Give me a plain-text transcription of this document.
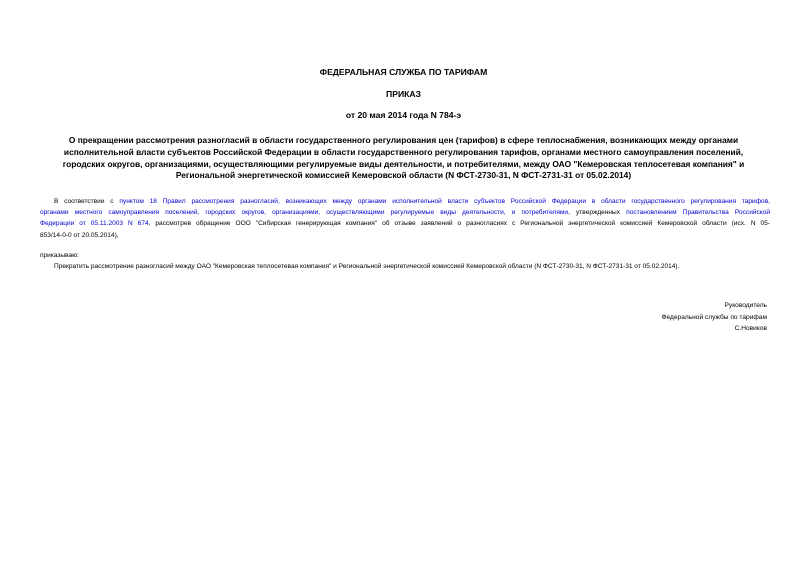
ФЕДЕРАЛЬНАЯ СЛУЖБА ПО ТАРИФАМ
ПРИКАЗ
от 20 мая 2014 года N 784-э
О прекращении рассмотрения разногласий в области государственного регулирования цен (тарифов) в сфере теплоснабжения, возникающих между органами
исполнительной власти субъектов Российской Федерации в области государственного регулирования тарифов, органами местного самоуправления поселений,
городских округов, организациями, осуществляющими регулируемые виды деятельности, и потребителями, между ОАО "Кемеровская теплосетевая компания" и
Региональной энергетической комиссией Кемеровской области (N ФСТ-2730-31, N ФСТ-2731-31 от 05.02.2014)
В соответствии с пунктом 18 Правил рассмотрения разногласий, возникающих между органами исполнительной власти субъектов Российской Федерации в области государственного регулирования тарифов,
органами местного самоуправления поселений, городских округов, организациями, осуществляющими регулируемые виды деятельности, и потребителями, утвержденных постановлением Правительства Российской
Федерации от 05.11.2003 N 674, рассмотрев обращение ООО "Сибирская генерирующая компания" об отзыве заявлений о разногласиях с Региональной энергетической комиссией Кемеровской области (исх. N 05-
853/14-0-0 от 20.05.2014),
приказываю:
Прекратить рассмотрение разногласий между ОАО "Кемеровская теплосетевая компания" и Региональной энергетической комиссией Кемеровской области (N ФСТ-2730-31, N ФСТ-2731-31 от 05.02.2014).
Руководитель
Федеральной службы по тарифам
С.Новиков
